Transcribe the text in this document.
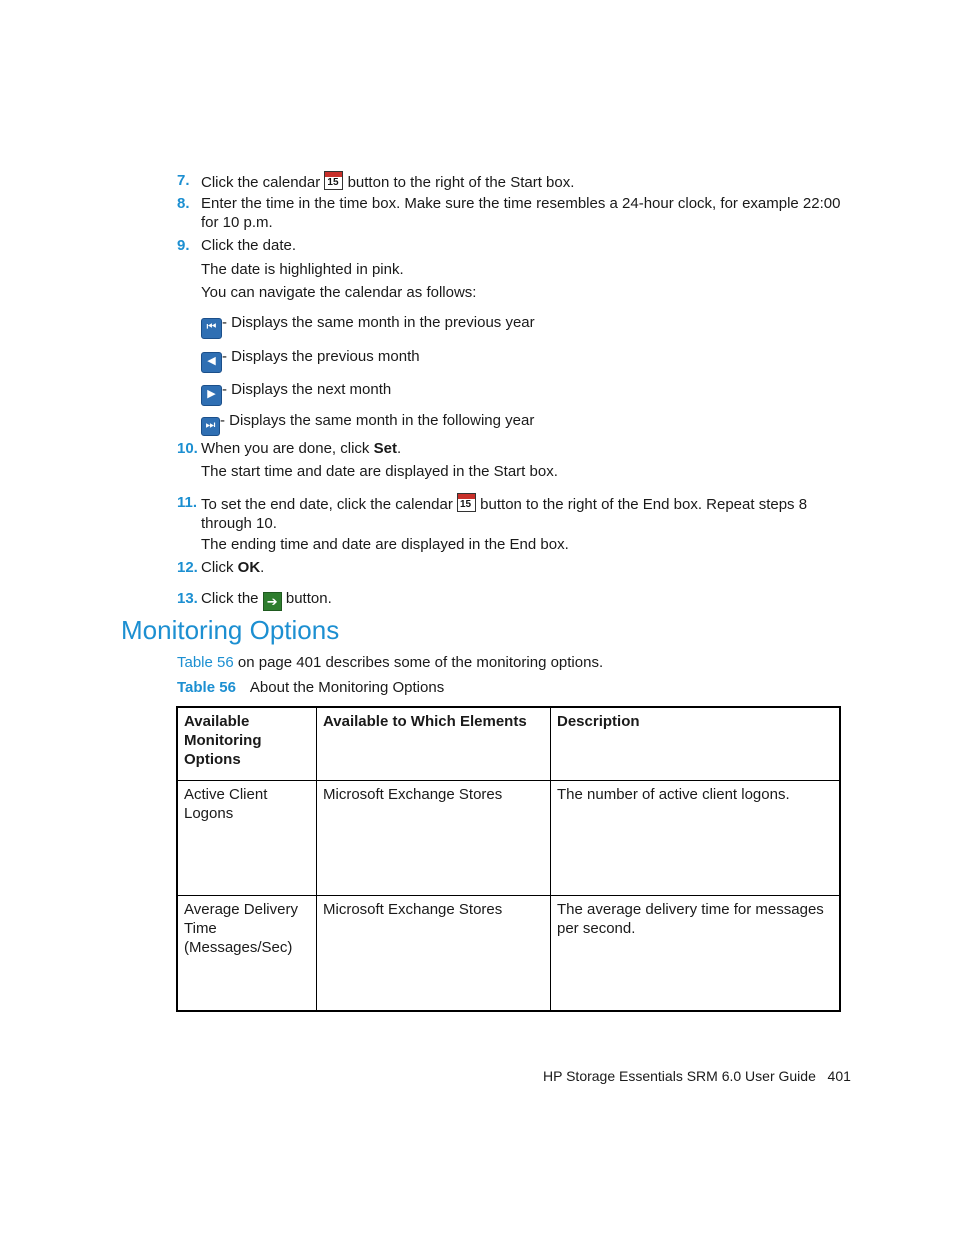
7. Click the calendar 15 button to the right of the Start box.
8. Enter the time in the time box. Make sure the time resembles a 24-hour clock, for example 22:00 for 10 p.m.
9. Click the date.
The date is highlighted in pink.
You can navigate the calendar as follows:
⏮ - Displays the same month in the previous year
◀ - Displays the previous month
▶ - Displays the next month
⏭ - Displays the same month in the following year
10. When you are done, click Set.
The start time and date are displayed in the Start box.
11. To set the end date, click the calendar 15 button to the right of the End box. Repeat steps 8 through 10.
The ending time and date are displayed in the End box.
12. Click OK.
13. Click the ➔ button.
Monitoring Options
Table 56 on page 401 describes some of the monitoring options.
Table 56 About the Monitoring Options
Available Monitoring Options	Available to Which Elements	Description
Active Client Logons	Microsoft Exchange Stores	The number of active client logons.
Average Delivery Time (Messages/Sec)	Microsoft Exchange Stores	The average delivery time for messages per second.
HP Storage Essentials SRM 6.0 User Guide 401
